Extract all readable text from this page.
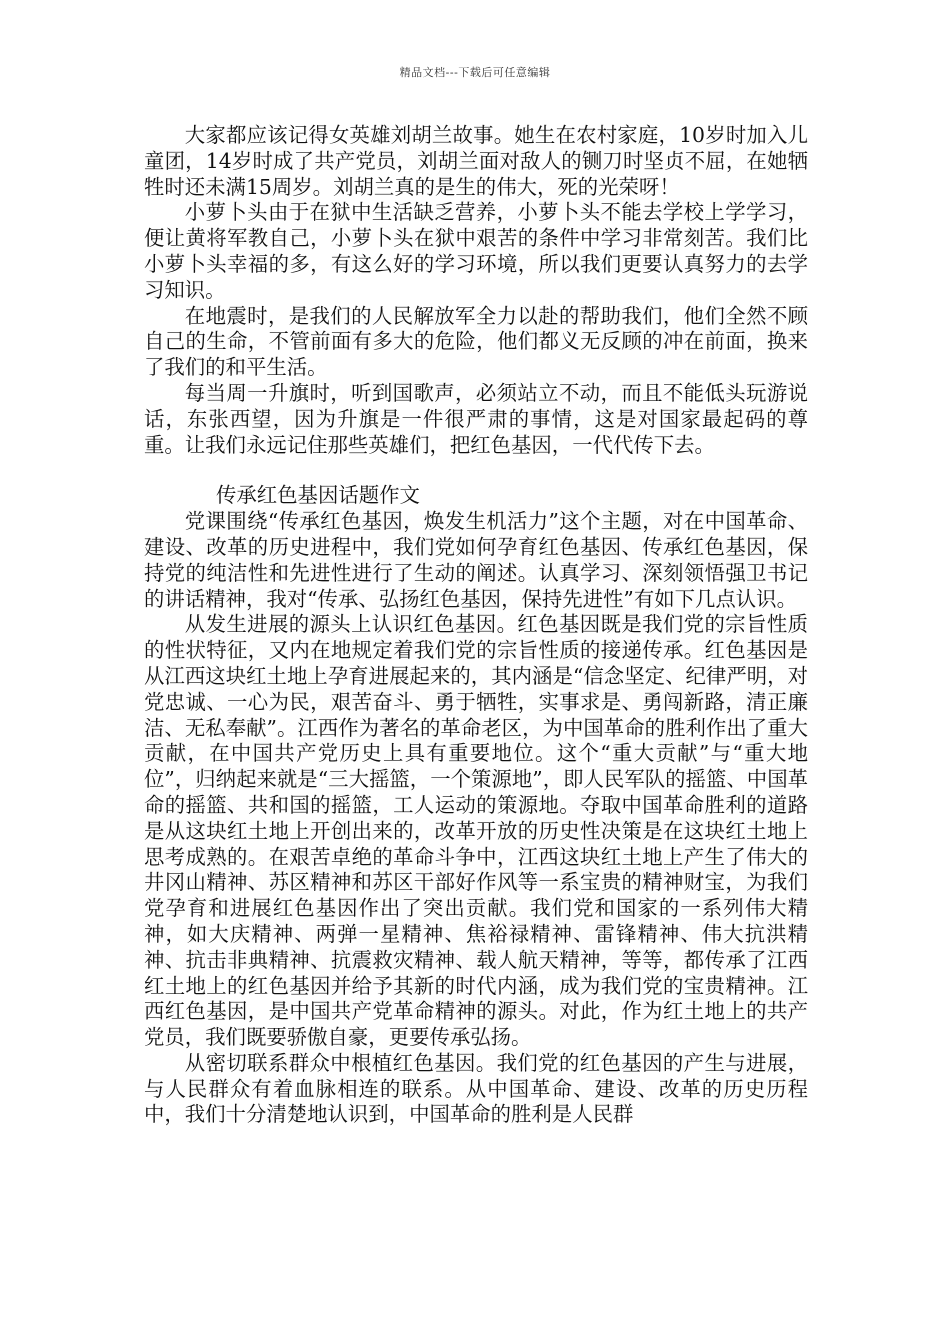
精品文档---下载后可任意编辑

大家都应该记得女英雄刘胡兰故事。她生在农村家庭，10岁时加入儿童团，14岁时成了共产党员，刘胡兰面对敌人的铡刀时坚贞不屈，在她牺牲时还未满15周岁。刘胡兰真的是生的伟大，死的光荣呀！

小萝卜头由于在狱中生活缺乏营养，小萝卜头不能去学校上学学习，便让黄将军教自己，小萝卜头在狱中艰苦的条件中学习非常刻苦。我们比小萝卜头幸福的多，有这么好的学习环境，所以我们更要认真努力的去学习知识。

在地震时，是我们的人民解放军全力以赴的帮助我们，他们全然不顾自己的生命，不管前面有多大的危险，他们都义无反顾的冲在前面，换来了我们的和平生活。

每当周一升旗时，听到国歌声，必须站立不动，而且不能低头玩游说话，东张西望，因为升旗是一件很严肃的事情，这是对国家最起码的尊重。让我们永远记住那些英雄们，把红色基因，一代代传下去。

传承红色基因话题作文

党课围绕“传承红色基因，焕发生机活力”这个主题，对在中国革命、建设、改革的历史进程中，我们党如何孕育红色基因、传承红色基因，保持党的纯洁性和先进性进行了生动的阐述。认真学习、深刻领悟强卫书记的讲话精神，我对“传承、弘扬红色基因，保持先进性”有如下几点认识。

从发生进展的源头上认识红色基因。红色基因既是我们党的宗旨性质的性状特征，又内在地规定着我们党的宗旨性质的接递传承。红色基因是从江西这块红土地上孕育进展起来的，其内涵是“信念坚定、纪律严明，对党忠诚、一心为民，艰苦奋斗、勇于牺牲，实事求是、勇闯新路，清正廉洁、无私奉献”。江西作为著名的革命老区，为中国革命的胜利作出了重大贡献，在中国共产党历史上具有重要地位。这个“重大贡献”与“重大地位”，归纳起来就是“三大摇篮，一个策源地”，即人民军队的摇篮、中国革命的摇篮、共和国的摇篮，工人运动的策源地。夺取中国革命胜利的道路是从这块红土地上开创出来的，改革开放的历史性决策是在这块红土地上思考成熟的。在艰苦卓绝的革命斗争中，江西这块红土地上产生了伟大的井冈山精神、苏区精神和苏区干部好作风等一系宝贵的精神财宝，为我们党孕育和进展红色基因作出了突出贡献。我们党和国家的一系列伟大精神，如大庆精神、两弹一星精神、焦裕禄精神、雷锋精神、伟大抗洪精神、抗击非典精神、抗震救灾精神、载人航天精神，等等，都传承了江西红土地上的红色基因并给予其新的时代内涵，成为我们党的宝贵精神。江西红色基因，是中国共产党革命精神的源头。对此，作为红土地上的共产党员，我们既要骄傲自豪，更要传承弘扬。

从密切联系群众中根植红色基因。我们党的红色基因的产生与进展，与人民群众有着血脉相连的联系。从中国革命、建设、改革的历史历程中，我们十分清楚地认识到，中国革命的胜利是人民群
